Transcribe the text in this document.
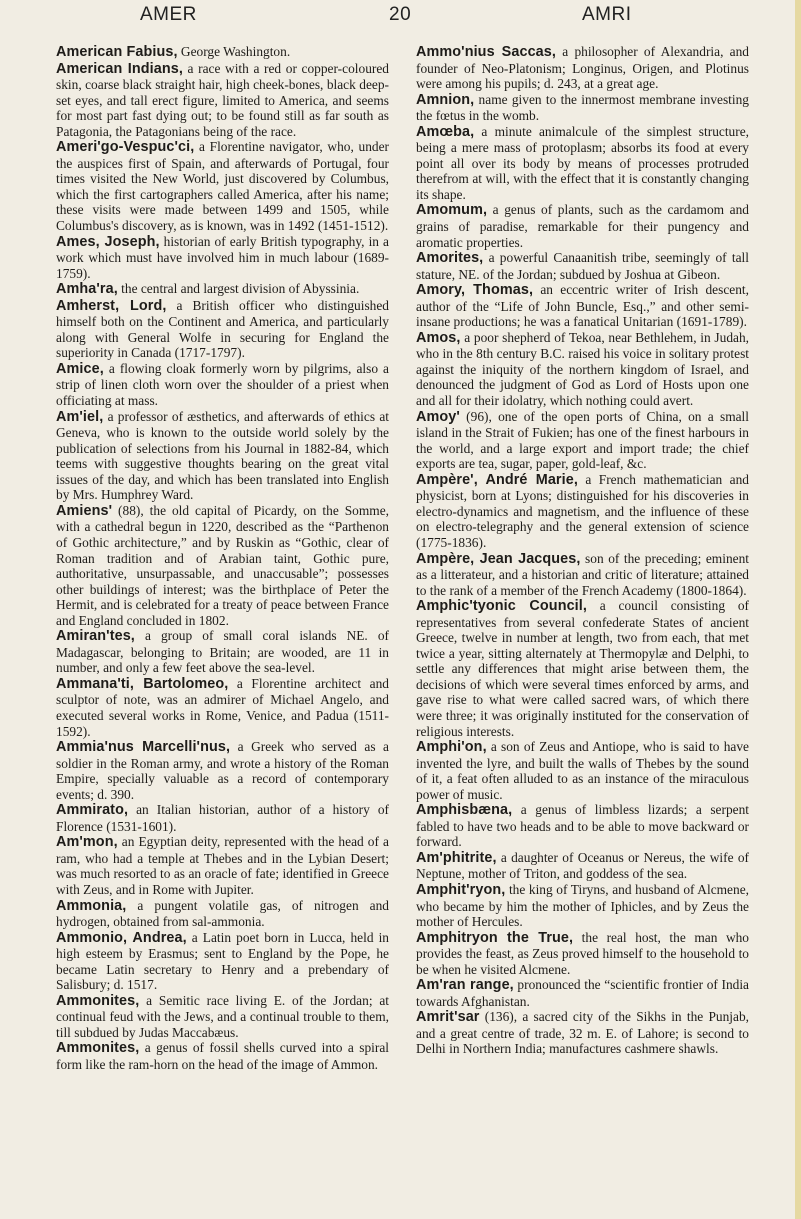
AMER	20	AMRI

American Fabius, George Washington.

American Indians, a race with a red or copper-coloured skin, coarse black straight hair, high cheek-bones, black deep-set eyes, and tall erect figure, limited to America, and seems for most part fast dying out; to be found still as far south as Patagonia, the Patagonians being of the race.

Ameri'go-Vespuc'ci, a Florentine navigator, who, under the auspices first of Spain, and afterwards of Portugal, four times visited the New World, just discovered by Columbus, which the first cartographers called America, after his name; these visits were made between 1499 and 1505, while Columbus's discovery, as is known, was in 1492 (1451-1512).

Ames, Joseph, historian of early British typography, in a work which must have involved him in much labour (1689-1759).

Amha'ra, the central and largest division of Abyssinia.

Amherst, Lord, a British officer who distinguished himself both on the Continent and America, and particularly along with General Wolfe in securing for England the superiority in Canada (1717-1797).

Amice, a flowing cloak formerly worn by pilgrims, also a strip of linen cloth worn over the shoulder of a priest when officiating at mass.

Am'iel, a professor of æsthetics, and afterwards of ethics at Geneva, who is known to the outside world solely by the publication of selections from his Journal in 1882-84, which teems with suggestive thoughts bearing on the great vital issues of the day, and which has been translated into English by Mrs. Humphrey Ward.

Amiens' (88), the old capital of Picardy, on the Somme, with a cathedral begun in 1220, described as the “Parthenon of Gothic architecture,” and by Ruskin as “Gothic, clear of Roman tradition and of Arabian taint, Gothic pure, authoritative, unsurpassable, and unaccusable”; possesses other buildings of interest; was the birthplace of Peter the Hermit, and is celebrated for a treaty of peace between France and England concluded in 1802.

Amiran'tes, a group of small coral islands NE. of Madagascar, belonging to Britain; are wooded, are 11 in number, and only a few feet above the sea-level.

Ammana'ti, Bartolomeo, a Florentine architect and sculptor of note, was an admirer of Michael Angelo, and executed several works in Rome, Venice, and Padua (1511-1592).

Ammia'nus Marcelli'nus, a Greek who served as a soldier in the Roman army, and wrote a history of the Roman Empire, specially valuable as a record of contemporary events; d. 390.

Ammirato, an Italian historian, author of a history of Florence (1531-1601).

Am'mon, an Egyptian deity, represented with the head of a ram, who had a temple at Thebes and in the Lybian Desert; was much resorted to as an oracle of fate; identified in Greece with Zeus, and in Rome with Jupiter.

Ammonia, a pungent volatile gas, of nitrogen and hydrogen, obtained from sal-ammonia.

Ammonio, Andrea, a Latin poet born in Lucca, held in high esteem by Erasmus; sent to England by the Pope, he became Latin secretary to Henry and a prebendary of Salisbury; d. 1517.

Ammonites, a Semitic race living E. of the Jordan; at continual feud with the Jews, and a continual trouble to them, till subdued by Judas Maccabæus.

Ammonites, a genus of fossil shells curved into a spiral form like the ram-horn on the head of the image of Ammon.

Ammo'nius Saccas, a philosopher of Alexandria, and founder of Neo-Platonism; Longinus, Origen, and Plotinus were among his pupils; d. 243, at a great age.

Amnion, name given to the innermost membrane investing the fœtus in the womb.

Amœba, a minute animalcule of the simplest structure, being a mere mass of protoplasm; absorbs its food at every point all over its body by means of processes protruded therefrom at will, with the effect that it is constantly changing its shape.

Amomum, a genus of plants, such as the cardamom and grains of paradise, remarkable for their pungency and aromatic properties.

Amorites, a powerful Canaanitish tribe, seemingly of tall stature, NE. of the Jordan; subdued by Joshua at Gibeon.

Amory, Thomas, an eccentric writer of Irish descent, author of the “Life of John Buncle, Esq.,” and other semi-insane productions; he was a fanatical Unitarian (1691-1789).

Amos, a poor shepherd of Tekoa, near Bethlehem, in Judah, who in the 8th century B.C. raised his voice in solitary protest against the iniquity of the northern kingdom of Israel, and denounced the judgment of God as Lord of Hosts upon one and all for their idolatry, which nothing could avert.

Amoy' (96), one of the open ports of China, on a small island in the Strait of Fukien; has one of the finest harbours in the world, and a large export and import trade; the chief exports are tea, sugar, paper, gold-leaf, &c.

Ampère', André Marie, a French mathematician and physicist, born at Lyons; distinguished for his discoveries in electro-dynamics and magnetism, and the influence of these on electro-telegraphy and the general extension of science (1775-1836).

Ampère, Jean Jacques, son of the preceding; eminent as a litterateur, and a historian and critic of literature; attained to the rank of a member of the French Academy (1800-1864).

Amphic'tyonic Council, a council consisting of representatives from several confederate States of ancient Greece, twelve in number at length, two from each, that met twice a year, sitting alternately at Thermopylæ and Delphi, to settle any differences that might arise between them, the decisions of which were several times enforced by arms, and gave rise to what were called sacred wars, of which there were three; it was originally instituted for the conservation of religious interests.

Amphi'on, a son of Zeus and Antiope, who is said to have invented the lyre, and built the walls of Thebes by the sound of it, a feat often alluded to as an instance of the miraculous power of music.

Amphisbæna, a genus of limbless lizards; a serpent fabled to have two heads and to be able to move backward or forward.

Am'phitrite, a daughter of Oceanus or Nereus, the wife of Neptune, mother of Triton, and goddess of the sea.

Amphit'ryon, the king of Tiryns, and husband of Alcmene, who became by him the mother of Iphicles, and by Zeus the mother of Hercules.

Amphitryon the True, the real host, the man who provides the feast, as Zeus proved himself to the household to be when he visited Alcmene.

Am'ran range, pronounced the “scientific frontier of India towards Afghanistan.

Amrit'sar (136), a sacred city of the Sikhs in the Punjab, and a great centre of trade, 32 m. E. of Lahore; is second to Delhi in Northern India; manufactures cashmere shawls.
